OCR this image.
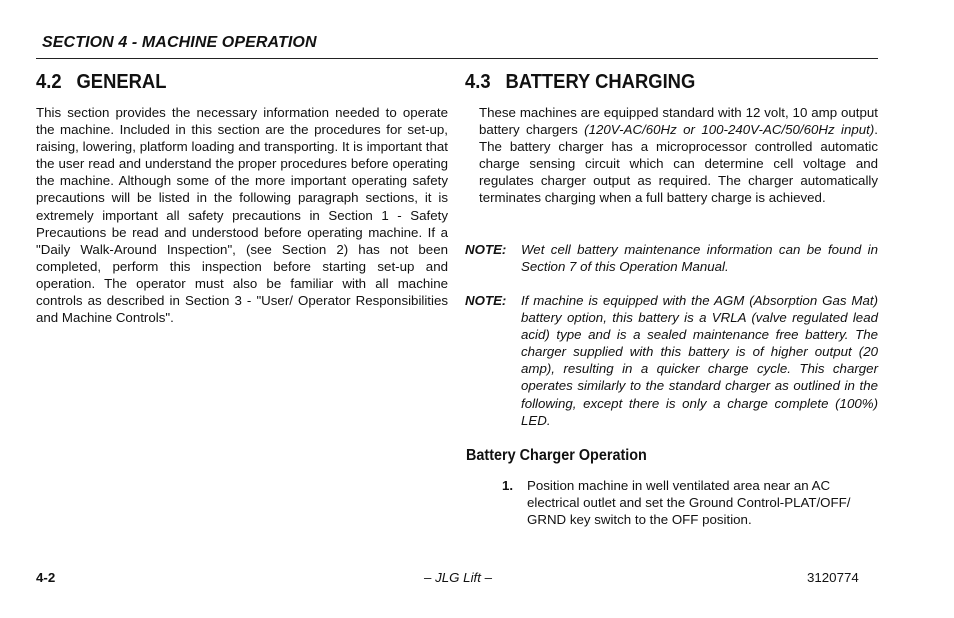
SECTION 4 - MACHINE OPERATION
4.2 GENERAL

This section provides the necessary information needed to operate the machine. Included in this section are the procedures for set-up, raising, lowering, platform loading and transporting. It is important that the user read and understand the proper procedures before operating the machine. Although some of the more important operating safety precautions will be listed in the following paragraph sections, it is extremely important all safety precautions in Section 1 - Safety Precautions be read and understood before operating machine. If a "Daily Walk-Around Inspection", (see Section 2) has not been completed, perform this inspection before starting set-up and operation. The operator must also be familiar with all machine controls as described in Section 3 - "User/ Operator Responsibilities and Machine Controls".

4.3 BATTERY CHARGING

These machines are equipped standard with 12 volt, 10 amp output battery chargers (120V-AC/60Hz or 100-240V-AC/50/60Hz input). The battery charger has a microprocessor controlled automatic charge sensing circuit which can determine cell voltage and regulates charger output as required. The charger automatically terminates charging when a full battery charge is achieved.

NOTE: Wet cell battery maintenance information can be found in Section 7 of this Operation Manual.
NOTE: If machine is equipped with the AGM (Absorption Gas Mat) battery option, this battery is a VRLA (valve regulated lead acid) type and is a sealed maintenance free battery. The charger supplied with this battery is of higher output (20 amp), resulting in a quicker charge cycle. This charger operates similarly to the standard charger as outlined in the following, except there is only a charge complete (100%) LED.
Battery Charger Operation
1. Position machine in well ventilated area near an AC electrical outlet and set the Ground Control-PLAT/OFF/ GRND key switch to the OFF position.
4-2	– JLG Lift –	3120774
